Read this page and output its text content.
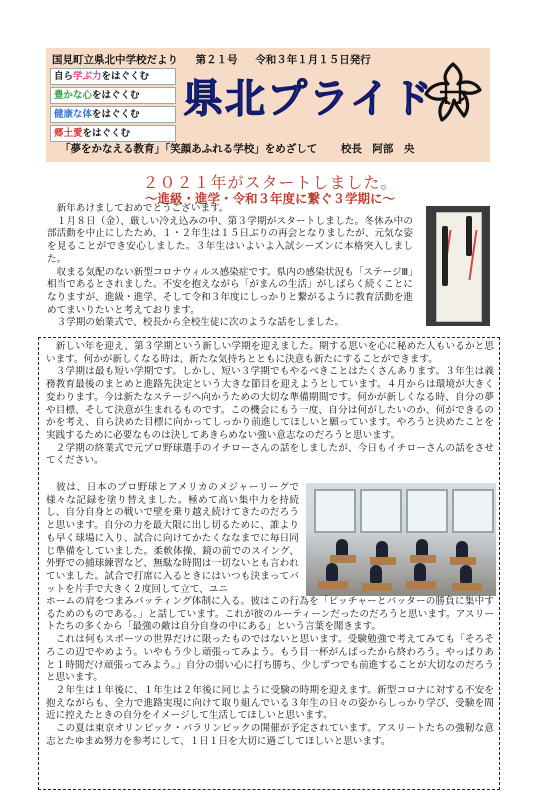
国見町立県北中学校だより 第２１号 令和３年１月１５日発行
自ら学ぶ力をはぐくむ
豊かな心をはぐくむ
健康な体をはぐくむ
郷土愛をはぐくむ
県北プライド
「夢をかなえる教育」「笑顔あふれる学校」をめざして 校長　阿部　央
２０２１年がスタートしました。
～進級・進学・令和３年度に繋ぐ３学期に～

　新年あけましておめでとうございます。
　１月８日（金）、厳しい冷え込みの中、第３学期がスタートしました。冬休み中の部活動を中止にしたため、１・２年生は１５日ぶりの再会となりましたが、元気な姿を見ることができ安心しました。３年生はいよいよ入試シーズンに本格突入しました。
　収まる気配のない新型コロナウィルス感染症です。県内の感染状況も「ステージⅢ」相当であるとされました。不安を抱えながら「がまんの生活」がしばらく続くことになりますが、進級・進学、そして令和３年度にしっかりと繋がるように教育活動を進めてまいりたいと考えております。
　３学期の始業式で、校長から全校生徒に次のような話をしました。

　新しい年を迎え、第３学期という新しい学期を迎えました。期する思いを心に秘めた人もいるかと思います。何かが新しくなる時は、新たな気持ちとともに決意も新たにすることができます。
　３学期は最も短い学期です。しかし、短い３学期でもやるべきことはたくさんあります。３年生は義務教育最後のまとめと進路先決定という大きな節目を迎えようとしています。４月からは環境が大きく変わります。今は新たなステージへ向かうための大切な準備期間です。何かが新しくなる時、自分の夢や目標、そして決意が生まれるものです。この機会にもう一度、自分は何がしたいのか、何ができるのかを考え、自ら決めた目標に向かってしっかり前進してほしいと願っています。やろうと決めたことを実践するために必要なものは決してあきらめない強い意志なのだろうと思います。
　２学期の終業式で元プロ野球選手のイチローさんの話をしましたが、今日もイチローさんの話をさせてください。

　彼は、日本のプロ野球とアメリカのメジャーリーグで様々な記録を塗り替えました。極めて高い集中力を持続し、自分自身との戦いで壁を乗り越え続けてきたのだろうと思います。自分の力を最大限に出し切るために、誰よりも早く球場に入り、試合に向けてかたくななまでに毎日同じ準備をしていました。柔軟体操、鏡の前でのスイング、外野での捕球練習など、無駄な時間は一切ないとも言われていました。試合で打席に入るときにはいつも決まってバットを片手で大きく２度回して立て、ユニ

ホームの肩をつまみバッティング体制に入る。彼はこの行為を「ピッチャーとバッターの勝負に集中するためのものである。」と話しています。これが彼のルーティーンだったのだろうと思います。アスリートたちの多くから「最強の敵は自分自身の中にある」という言葉を聞きます。
　これは何もスポーツの世界だけに限ったものではないと思います。受験勉強で考えてみても「そろそろこの辺でやめよう。いやもう少し頑張ってみよう。もう目一杯がんばったから終わろう。やっぱりあと１時間だけ頑張ってみよう。」自分の弱い心に打ち勝ち、少しずつでも前進することが大切なのだろうと思います。
　２年生は１年後に、１年生は２年後に同じように受験の時期を迎えます。新型コロナに対する不安を抱えながらも、全力で進路実現に向けて取り組んでいる３年生の日々の姿からしっかり学び、受験を間近に控えたときの自分をイメージして生活してほしいと思います。
　この夏は東京オリンピック・パラリンピックの開催が予定されています。アスリートたちの強靭な意志とたゆまぬ努力を参考にして、１日１日を大切に過ごしてほしいと思います。
